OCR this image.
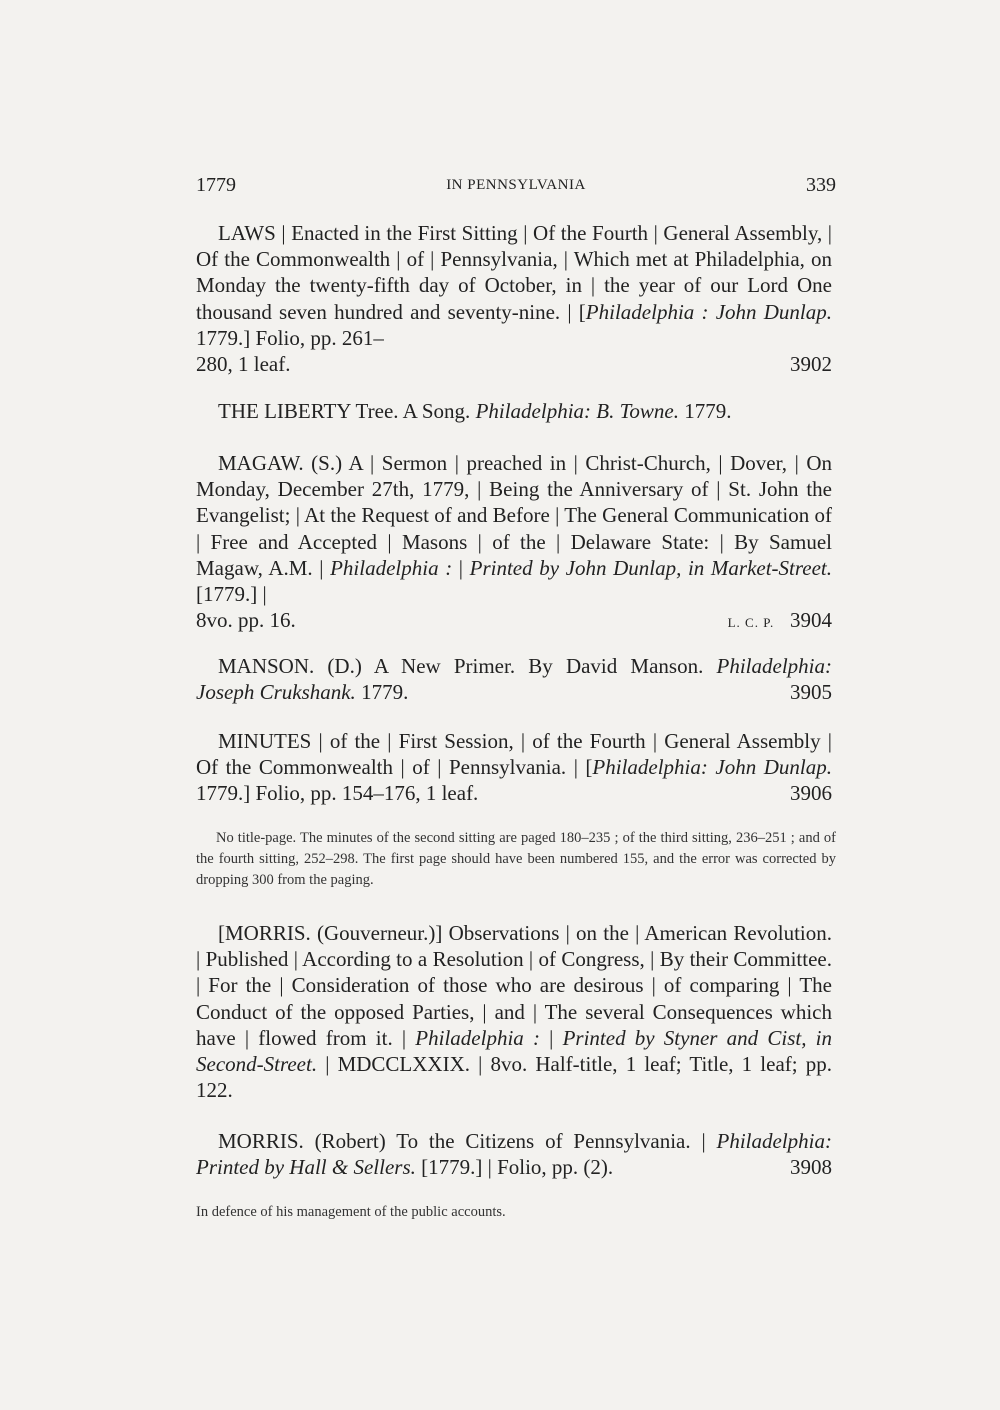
1779	IN PENNSYLVANIA	339
LAWS | Enacted in the First Sitting | Of the Fourth | General Assembly, | Of the Commonwealth | of | Pennsylvania, | Which met at Philadelphia, on Monday the twenty-fifth day of October, in | the year of our Lord One thousand seven hundred and seventy-nine. | [Philadelphia : John Dunlap. 1779.] Folio, pp. 261–
280, 1 leaf.	3902
THE LIBERTY Tree. A Song. Philadelphia: B. Towne. 1779.
MAGAW. (S.) A | Sermon | preached in | Christ-Church, | Dover, | On Monday, December 27th, 1779, | Being the Anniversary of | St. John the Evangelist; | At the Request of and Before | The General Communication of | Free and Accepted | Masons | of the | Delaware State: | By Samuel Magaw, A.M. | Philadelphia : | Printed by John Dunlap, in Market-Street. [1779.] |
8vo. pp. 16.	L. C. P. 3904
MANSON. (D.) A New Primer. By David Manson. Philadelphia: Joseph Crukshank. 1779.	3905
MINUTES | of the | First Session, | of the Fourth | General Assembly | Of the Commonwealth | of | Pennsylvania. | [Philadelphia: John Dunlap. 1779.] Folio, pp. 154–176, 1 leaf.	3906
No title-page. The minutes of the second sitting are paged 180–235 ; of the third sitting, 236–251 ; and of the fourth sitting, 252–298. The first page should have been numbered 155, and the error was corrected by dropping 300 from the paging.
[MORRIS. (Gouverneur.)] Observations | on the | American Revolution. | Published | According to a Resolution | of Congress, | By their Committee. | For the | Consideration of those who are desirous | of comparing | The Conduct of the opposed Parties, | and | The several Consequences which have | flowed from it. | Philadelphia : | Printed by Styner and Cist, in Second-Street. | MDCCLXXIX. | 8vo. Half-title, 1 leaf; Title, 1 leaf; pp. 122.
MORRIS. (Robert) To the Citizens of Pennsylvania. | Philadelphia: Printed by Hall & Sellers. [1779.] | Folio, pp. (2).	3908
In defence of his management of the public accounts.
